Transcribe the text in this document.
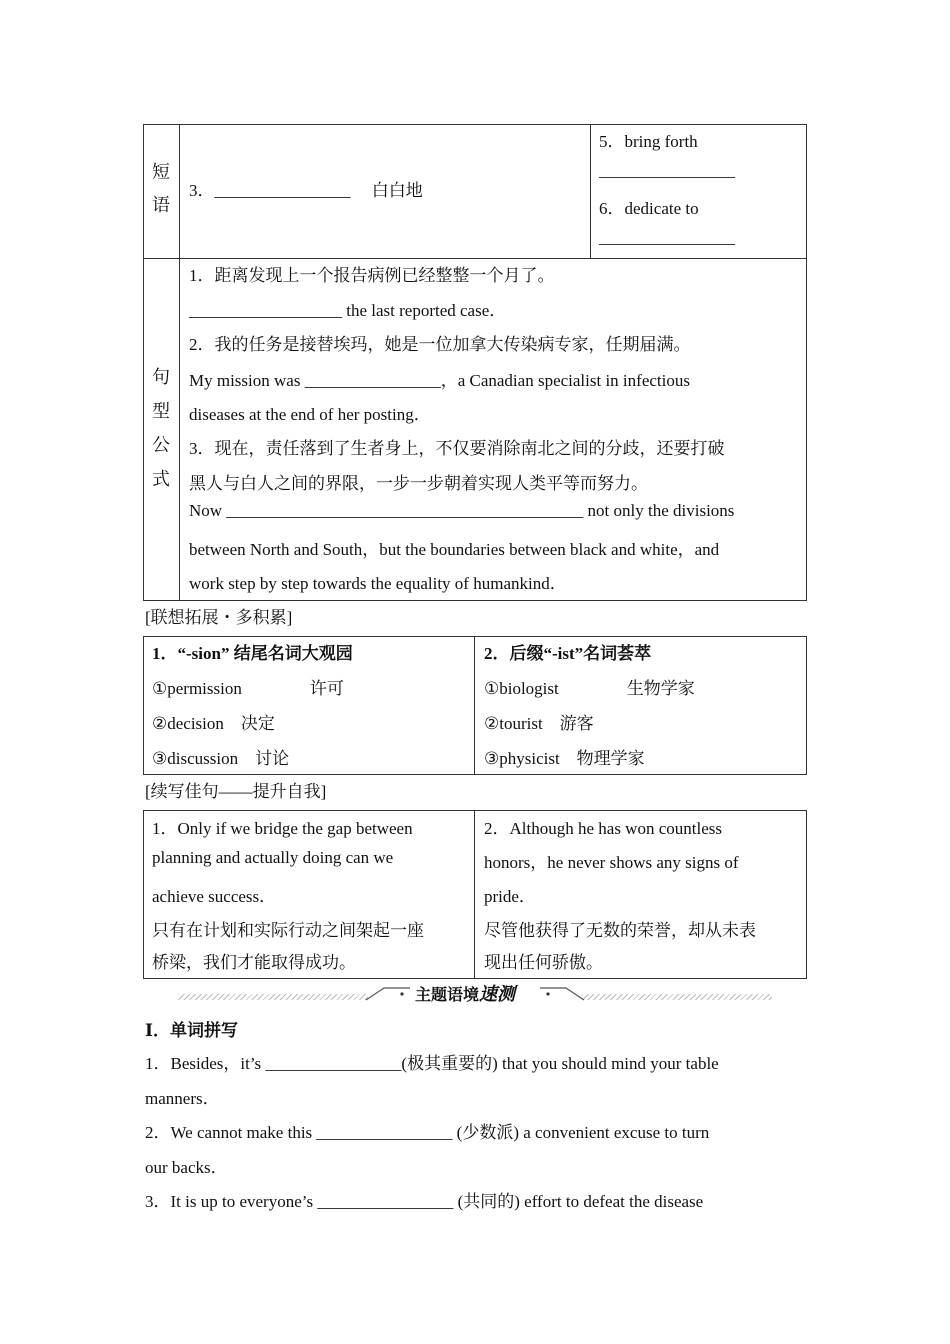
短语
3．________________　 白白地
5．bring forth
________________
6．dedicate to
________________
句型公式
1．距离发现上一个报告病例已经整整一个月了。
__________________ the last reported case．
2．我的任务是接替埃玛，她是一位加拿大传染病专家，任期届满。
My mission was ________________，a Canadian specialist in infectious
diseases at the end of her posting．
3．现在，责任落到了生者身上，不仅要消除南北之间的分歧，还要打破
黑人与白人之间的界限，一步一步朝着实现人类平等而努力。
Now __________________________________________ not only the divisions
between North and South，but the boundaries between black and white，and
work step by step towards the equality of humankind．
[联想拓展・多积累]
1．“-sion” 结尾名词大观园
①permission　　　　许可
②decision　决定
③discussion　讨论
2．后缀“-ist”名词荟萃
①biologist　　　　生物学家
②tourist　游客
③physicist　物理学家
[续写佳句——提升自我]
1．Only if we bridge the gap between
planning and actually doing can we
achieve success．
只有在计划和实际行动之间架起一座
桥梁，我们才能取得成功。
2．Although he has won countless
honors，he never shows any signs of
pride．
尽管他获得了无数的荣誉，却从未表
现出任何骄傲。
主题语境速测
Ⅰ．单词拼写
1．Besides，it’s ________________(极其重要的) that you should mind your table
manners．
2．We cannot make this ________________ (少数派) a convenient excuse to turn
our backs．
3．It is up to everyone’s ________________ (共同的) effort to defeat the disease
